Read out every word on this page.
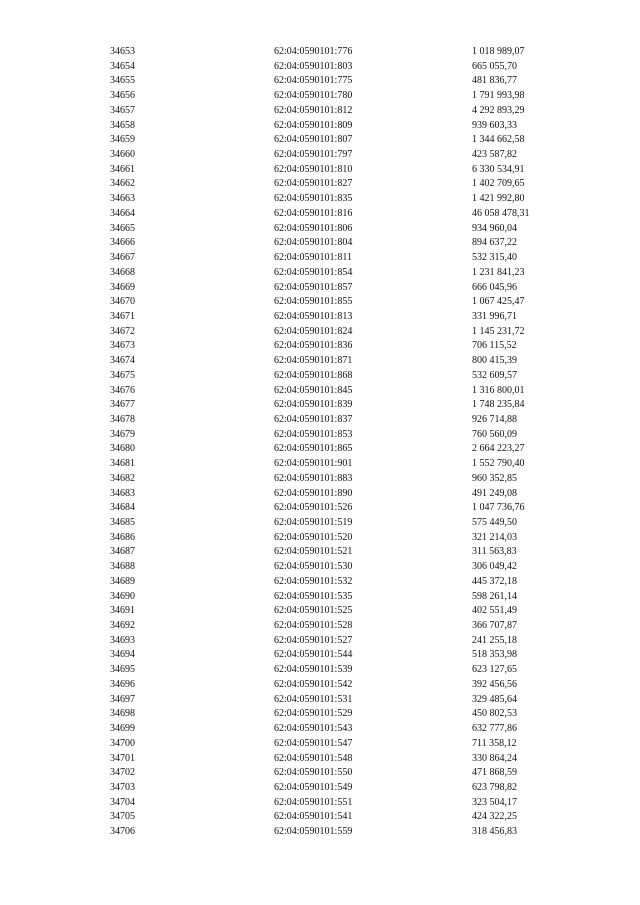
34653	62:04:0590101:776	1 018 989,07
34654	62:04:0590101:803	665 055,70
34655	62:04:0590101:775	481 836,77
34656	62:04:0590101:780	1 791 993,98
34657	62:04:0590101:812	4 292 893,29
34658	62:04:0590101:809	939 603,33
34659	62:04:0590101:807	1 344 662,58
34660	62:04:0590101:797	423 587,82
34661	62:04:0590101:810	6 330 534,91
34662	62:04:0590101:827	1 402 709,65
34663	62:04:0590101:835	1 421 992,80
34664	62:04:0590101:816	46 058 478,31
34665	62:04:0590101:806	934 960,04
34666	62:04:0590101:804	894 637,22
34667	62:04:0590101:811	532 315,40
34668	62:04:0590101:854	1 231 841,23
34669	62:04:0590101:857	666 045,96
34670	62:04:0590101:855	1 067 425,47
34671	62:04:0590101:813	331 996,71
34672	62:04:0590101:824	1 145 231,72
34673	62:04:0590101:836	706 115,52
34674	62:04:0590101:871	800 415,39
34675	62:04:0590101:868	532 609,57
34676	62:04:0590101:845	1 316 800,01
34677	62:04:0590101:839	1 748 235,84
34678	62:04:0590101:837	926 714,88
34679	62:04:0590101:853	760 560,09
34680	62:04:0590101:865	2 664 223,27
34681	62:04:0590101:901	1 552 790,40
34682	62:04:0590101:883	960 352,85
34683	62:04:0590101:890	491 249,08
34684	62:04:0590101:526	1 047 736,76
34685	62:04:0590101:519	575 449,50
34686	62:04:0590101:520	321 214,03
34687	62:04:0590101:521	311 563,83
34688	62:04:0590101:530	306 049,42
34689	62:04:0590101:532	445 372,18
34690	62:04:0590101:535	598 261,14
34691	62:04:0590101:525	402 551,49
34692	62:04:0590101:528	366 707,87
34693	62:04:0590101:527	241 255,18
34694	62:04:0590101:544	518 353,98
34695	62:04:0590101:539	623 127,65
34696	62:04:0590101:542	392 456,56
34697	62:04:0590101:531	329 485,64
34698	62:04:0590101:529	450 802,53
34699	62:04:0590101:543	632 777,86
34700	62:04:0590101:547	711 358,12
34701	62:04:0590101:548	330 864,24
34702	62:04:0590101:550	471 868,59
34703	62:04:0590101:549	623 798,82
34704	62:04:0590101:551	323 504,17
34705	62:04:0590101:541	424 322,25
34706	62:04:0590101:559	318 456,83
